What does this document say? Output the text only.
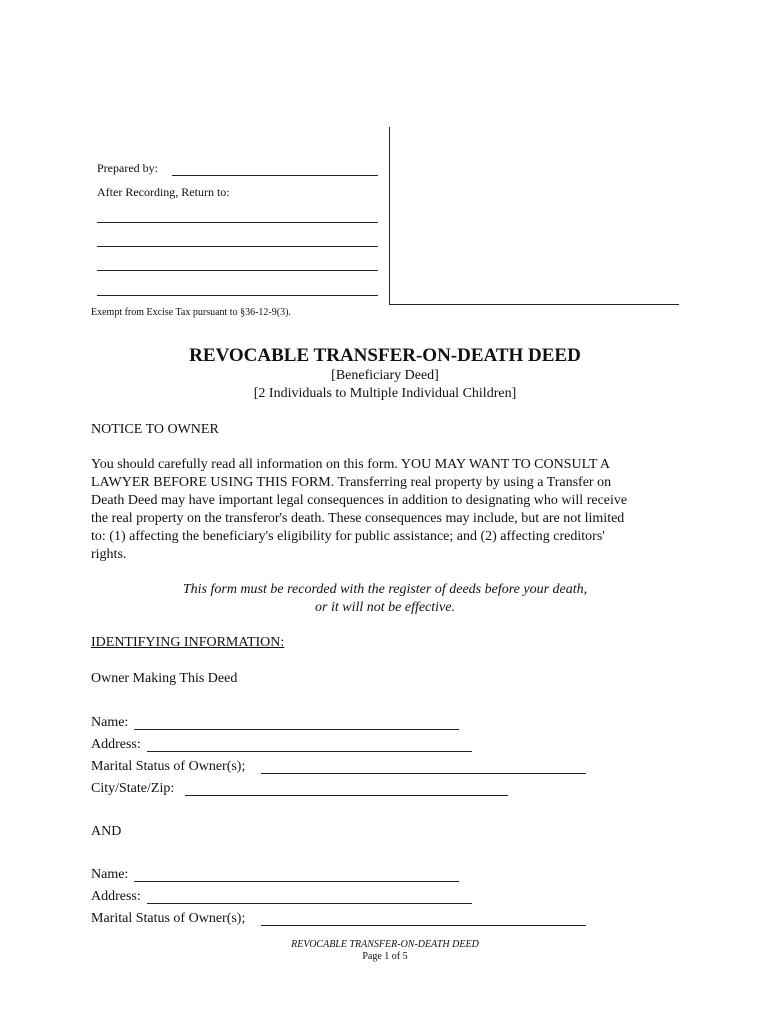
Prepared by:
After Recording, Return to:
Exempt from Excise Tax pursuant to §36-12-9(3).
REVOCABLE TRANSFER-ON-DEATH DEED
[Beneficiary Deed]
[2 Individuals to Multiple Individual Children]
NOTICE TO OWNER
You should carefully read all information on this form. YOU MAY WANT TO CONSULT A
LAWYER BEFORE USING THIS FORM. Transferring real property by using a Transfer on
Death Deed may have important legal consequences in addition to designating who will receive
the real property on the transferor's death. These consequences may include, but are not limited
to: (1) affecting the beneficiary's eligibility for public assistance; and (2) affecting creditors'
rights.
This form must be recorded with the register of deeds before your death,
or it will not be effective.
IDENTIFYING INFORMATION:
Owner Making This Deed
Name:
Address:
Marital Status of Owner(s);
City/State/Zip:
AND
Name:
Address:
Marital Status of Owner(s);
REVOCABLE TRANSFER-ON-DEATH DEED
Page 1 of 5
